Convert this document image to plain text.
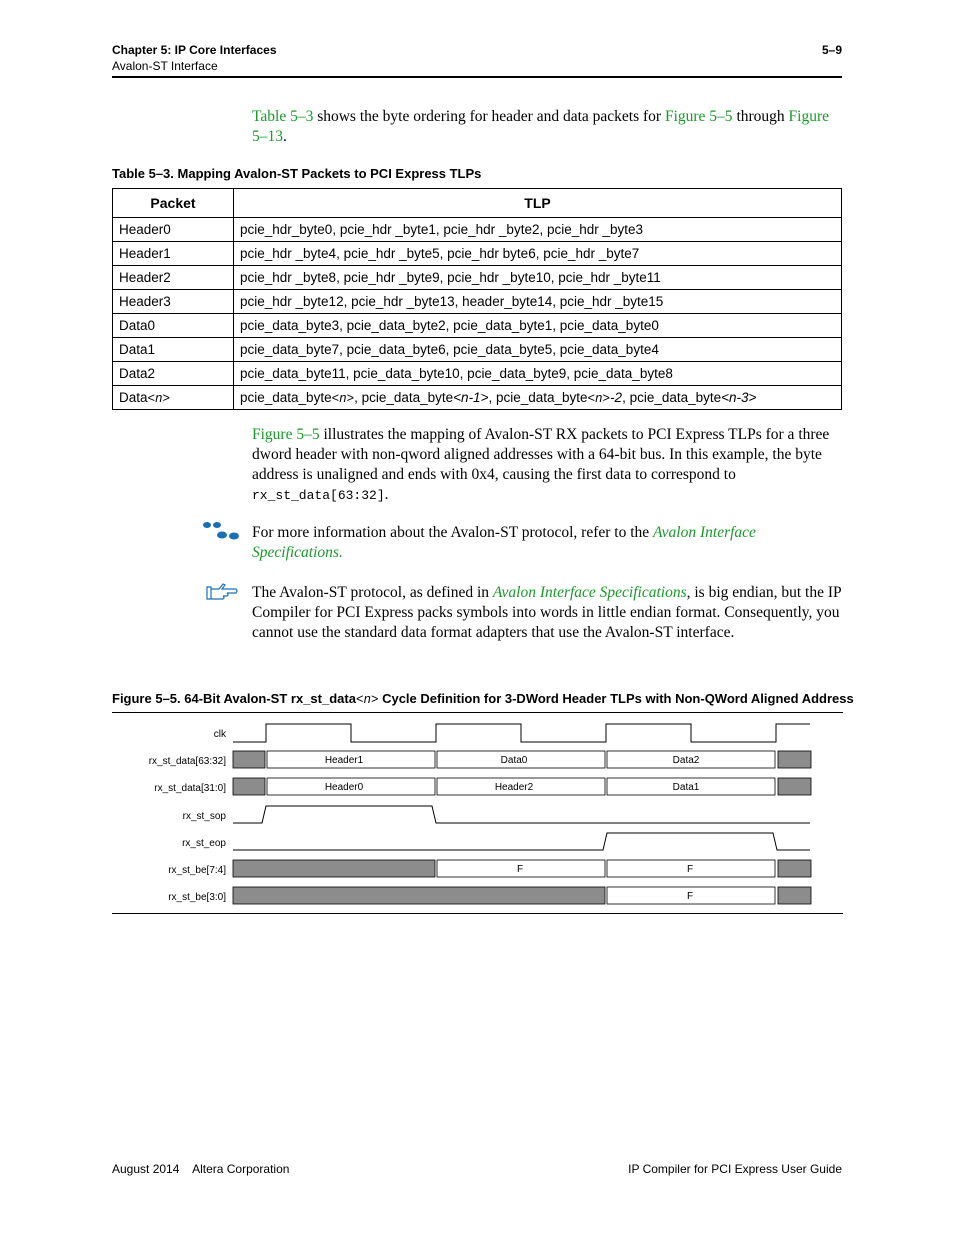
Chapter 5: IP Core Interfaces
Avalon-ST Interface
5–9

Table 5–3 shows the byte ordering for header and data packets for Figure 5–5 through Figure 5–13.

Table 5–3. Mapping Avalon-ST Packets to PCI Express TLPs
Packet	TLP
Header0	pcie_hdr_byte0, pcie_hdr _byte1, pcie_hdr _byte2, pcie_hdr _byte3
Header1	pcie_hdr _byte4, pcie_hdr _byte5, pcie_hdr byte6, pcie_hdr _byte7
Header2	pcie_hdr _byte8, pcie_hdr _byte9, pcie_hdr _byte10, pcie_hdr _byte11
Header3	pcie_hdr _byte12, pcie_hdr _byte13, header_byte14, pcie_hdr _byte15
Data0	pcie_data_byte3, pcie_data_byte2, pcie_data_byte1, pcie_data_byte0
Data1	pcie_data_byte7, pcie_data_byte6, pcie_data_byte5, pcie_data_byte4
Data2	pcie_data_byte11, pcie_data_byte10, pcie_data_byte9, pcie_data_byte8
Data<n>	pcie_data_byte<n>, pcie_data_byte<n-1>, pcie_data_byte<n>-2, pcie_data_byte<n-3>

Figure 5–5 illustrates the mapping of Avalon-ST RX packets to PCI Express TLPs for a three dword header with non-qword aligned addresses with a 64-bit bus. In this example, the byte address is unaligned and ends with 0x4, causing the first data to correspond to rx_st_data[63:32].

For more information about the Avalon-ST protocol, refer to the Avalon Interface Specifications.

The Avalon-ST protocol, as defined in Avalon Interface Specifications, is big endian, but the IP Compiler for PCI Express packs symbols into words in little endian format. Consequently, you cannot use the standard data format adapters that use the Avalon-ST interface.

Figure 5–5. 64-Bit Avalon-ST rx_st_data<n> Cycle Definition for 3-DWord Header TLPs with Non-QWord Aligned Address
clk
rx_st_data[63:32]
rx_st_data[31:0]
rx_st_sop
rx_st_eop
rx_st_be[7:4]
rx_st_be[3:0]
Header1	Data0	Data2
Header0	Header2	Data1
F	F
F
August 2014    Altera Corporation	IP Compiler for PCI Express User Guide
